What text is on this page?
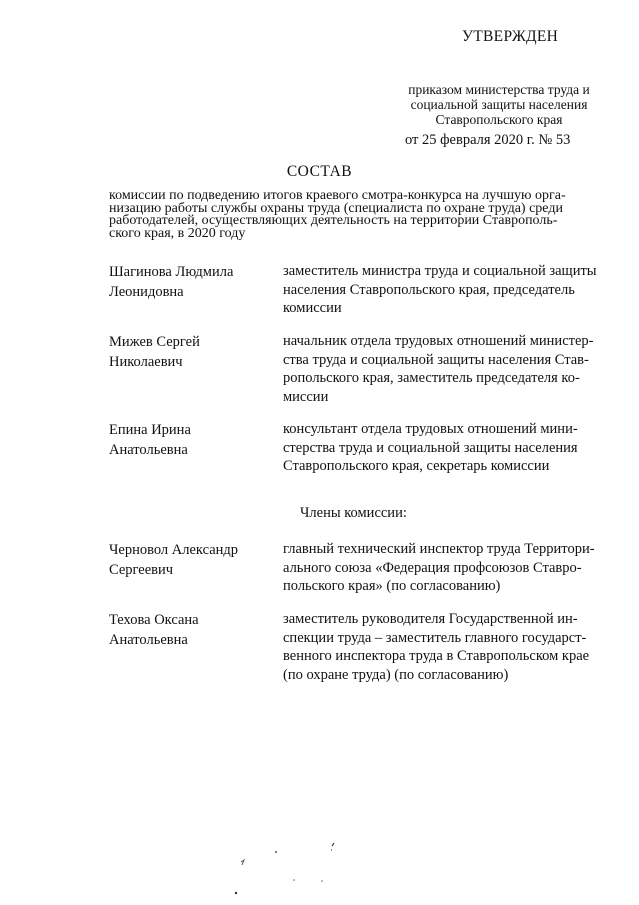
УТВЕРЖДЕН
приказом министерства труда и
социальной защиты населения
Ставропольского края
от 25 февраля 2020 г. № 53
СОСТАВ
комиссии по подведению итогов краевого смотра-конкурса на лучшую орга-
низацию работы службы охраны труда (специалиста по охране труда) среди
работодателей, осуществляющих деятельность на территории Ставрополь-
ского края, в 2020 году
Шагинова Людмила
Леонидовна
заместитель министра труда и социальной защиты
населения Ставропольского края, председатель
комиссии
Мижев Сергей
Николаевич
начальник отдела трудовых отношений министер-
ства труда и социальной защиты населения Став-
ропольского края, заместитель председателя ко-
миссии
Епина Ирина
Анатольевна
консультант отдела трудовых отношений мини-
стерства труда и социальной защиты населения
Ставропольского края, секретарь комиссии
Члены комиссии:
Черновол Александр
Сергеевич
главный технический инспектор труда Территори-
ального союза «Федерация профсоюзов Ставро-
польского края» (по согласованию)
Техова Оксана
Анатольевна
заместитель руководителя Государственной ин-
спекции труда – заместитель главного государст-
венного инспектора труда в Ставропольском крае
(по охране труда) (по согласованию)
